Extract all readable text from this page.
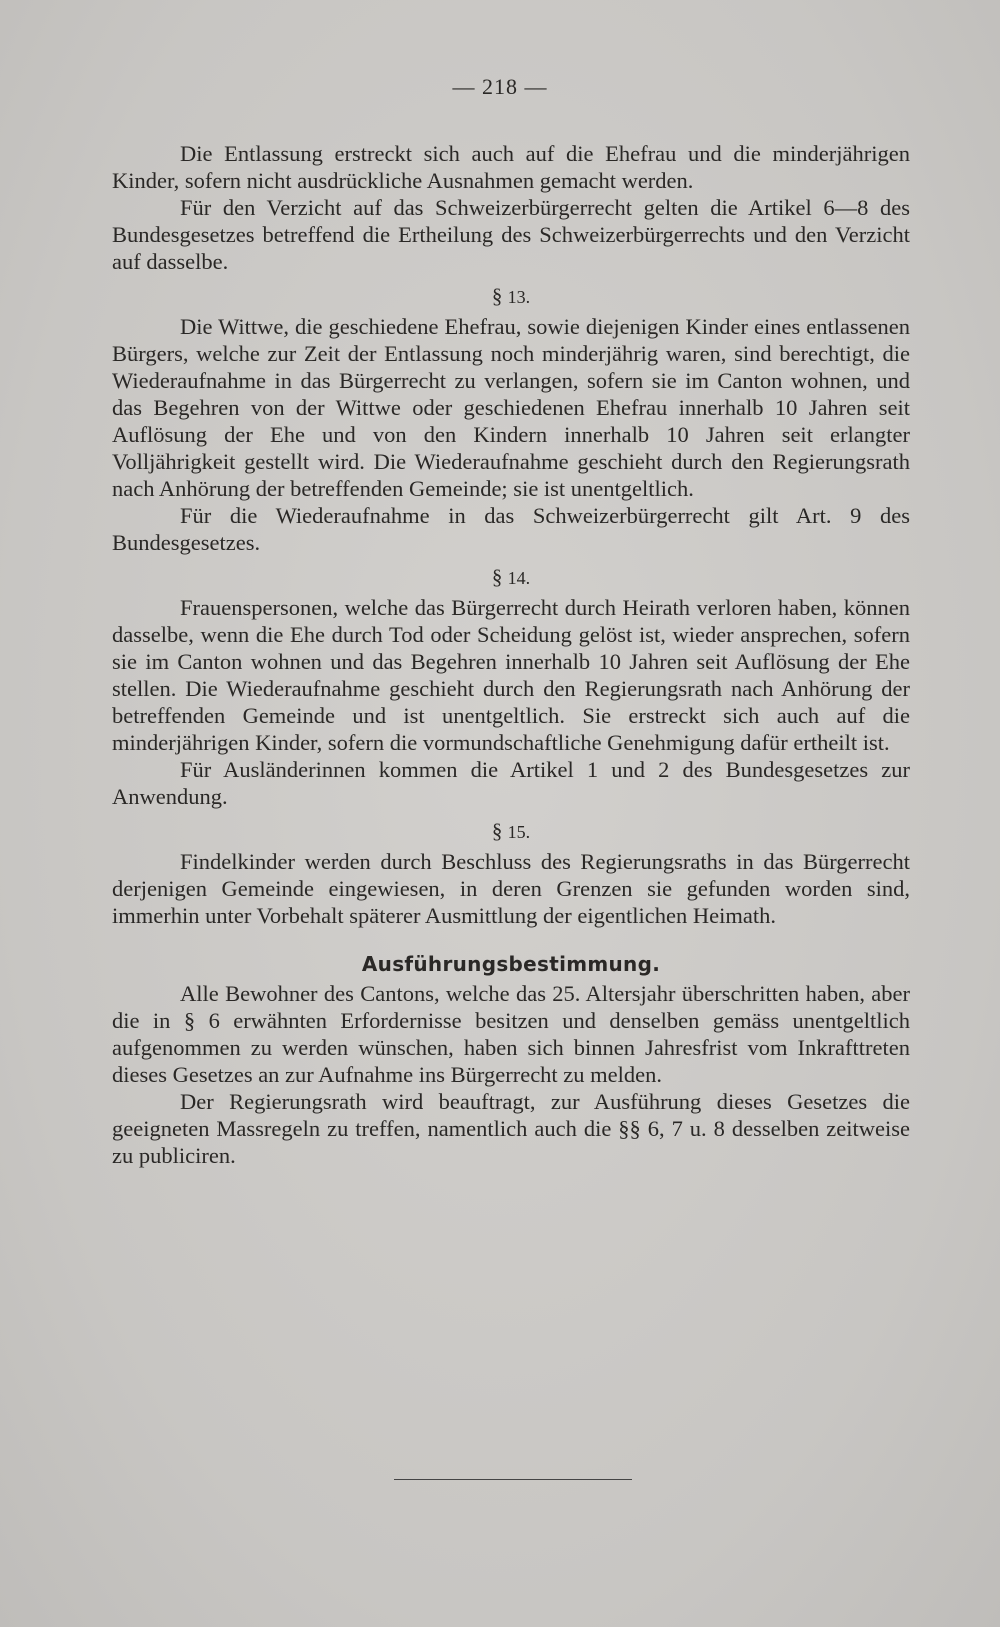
— 218 —

Die Entlassung erstreckt sich auch auf die Ehefrau und die minderjährigen Kinder, sofern nicht ausdrückliche Ausnahmen gemacht werden.

Für den Verzicht auf das Schweizerbürgerrecht gelten die Artikel 6—8 des Bundesgesetzes betreffend die Ertheilung des Schweizerbürgerrechts und den Verzicht auf dasselbe.

§ 13.

Die Wittwe, die geschiedene Ehefrau, sowie diejenigen Kinder eines entlassenen Bürgers, welche zur Zeit der Entlassung noch minderjährig waren, sind berechtigt, die Wiederaufnahme in das Bürgerrecht zu verlangen, sofern sie im Canton wohnen, und das Begehren von der Wittwe oder geschiedenen Ehefrau innerhalb 10 Jahren seit Auflösung der Ehe und von den Kindern innerhalb 10 Jahren seit erlangter Volljährigkeit gestellt wird. Die Wiederaufnahme geschieht durch den Regierungsrath nach Anhörung der betreffenden Gemeinde; sie ist unentgeltlich.

Für die Wiederaufnahme in das Schweizerbürgerrecht gilt Art. 9 des Bundesgesetzes.

§ 14.

Frauenspersonen, welche das Bürgerrecht durch Heirath verloren haben, können dasselbe, wenn die Ehe durch Tod oder Scheidung gelöst ist, wieder ansprechen, sofern sie im Canton wohnen und das Begehren innerhalb 10 Jahren seit Auflösung der Ehe stellen. Die Wiederaufnahme geschieht durch den Regierungsrath nach Anhörung der betreffenden Gemeinde und ist unentgeltlich. Sie erstreckt sich auch auf die minderjährigen Kinder, sofern die vormundschaftliche Genehmigung dafür ertheilt ist.

Für Ausländerinnen kommen die Artikel 1 und 2 des Bundesgesetzes zur Anwendung.

§ 15.

Findelkinder werden durch Beschluss des Regierungsraths in das Bürgerrecht derjenigen Gemeinde eingewiesen, in deren Grenzen sie gefunden worden sind, immerhin unter Vorbehalt späterer Ausmittlung der eigentlichen Heimath.

Ausführungsbestimmung.

Alle Bewohner des Cantons, welche das 25. Altersjahr überschritten haben, aber die in § 6 erwähnten Erfordernisse besitzen und denselben gemäss unentgeltlich aufgenommen zu werden wünschen, haben sich binnen Jahresfrist vom Inkrafttreten dieses Gesetzes an zur Aufnahme ins Bürgerrecht zu melden.

Der Regierungsrath wird beauftragt, zur Ausführung dieses Gesetzes die geeigneten Massregeln zu treffen, namentlich auch die §§ 6, 7 u. 8 desselben zeitweise zu publiciren.
